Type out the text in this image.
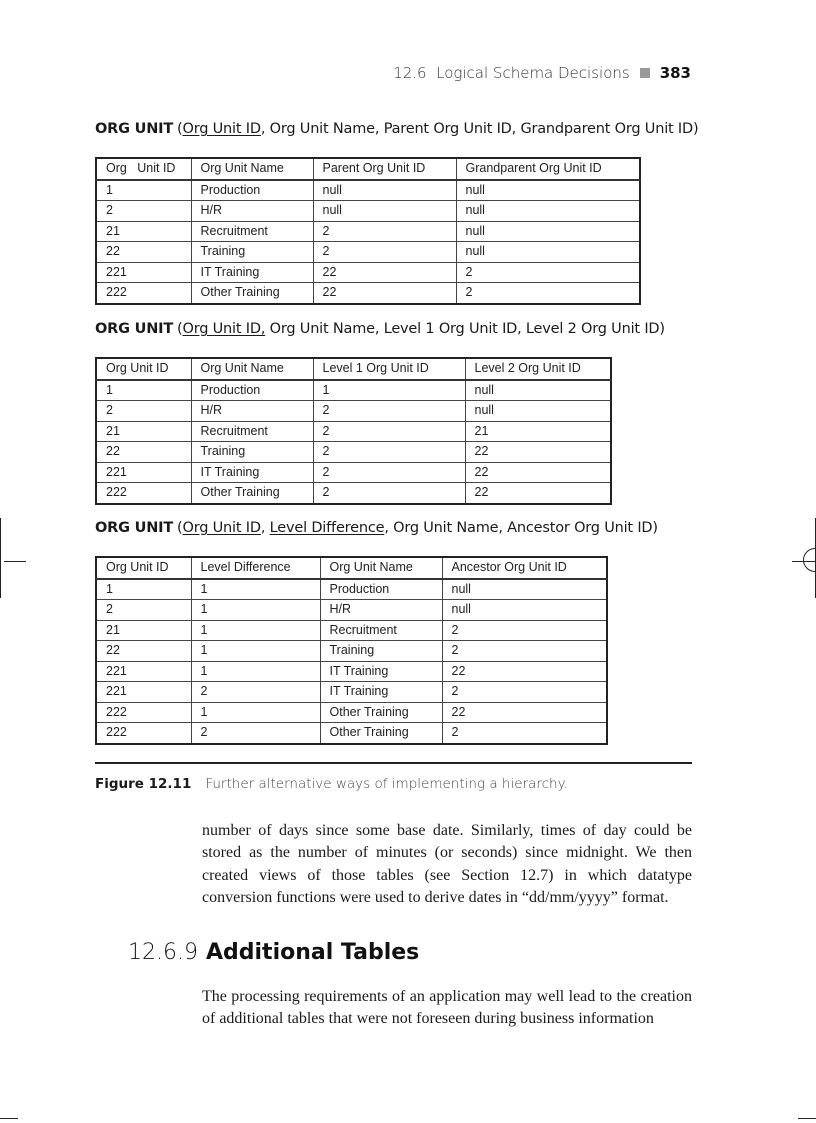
12.6  Logical Schema Decisions 383
ORG UNIT (Org Unit ID, Org Unit Name, Parent Org Unit ID, Grandparent Org Unit ID)
Org   Unit ID	Org Unit Name	Parent Org Unit ID	Grandparent Org Unit ID
1	Production	null	null
2	H/R	null	null
21	Recruitment	2	null
22	Training	2	null
221	IT Training	22	2
222	Other Training	22	2
ORG UNIT (Org Unit ID, Org Unit Name, Level 1 Org Unit ID, Level 2 Org Unit ID)
Org Unit ID	Org Unit Name	Level 1 Org Unit ID	Level 2 Org Unit ID
1	Production	1	null
2	H/R	2	null
21	Recruitment	2	21
22	Training	2	22
221	IT Training	2	22
222	Other Training	2	22
ORG UNIT (Org Unit ID, Level Difference, Org Unit Name, Ancestor Org Unit ID)
Org Unit ID	Level Difference	Org Unit Name	Ancestor Org Unit ID
1	1	Production	null
2	1	H/R	null
21	1	Recruitment	2
22	1	Training	2
221	1	IT Training	22
221	2	IT Training	2
222	1	Other Training	22
222	2	Other Training	2
Figure 12.11 Further alternative ways of implementing a hierarchy.

number of days since some base date. Similarly, times of day could be stored as the number of minutes (or seconds) since midnight. We then created views of those tables (see Section 12.7) in which datatype conversion functions were used to derive dates in “dd/mm/yyyy” format.

12.6.9 Additional Tables

The processing requirements of an application may well lead to the creation of additional tables that were not foreseen during business information
